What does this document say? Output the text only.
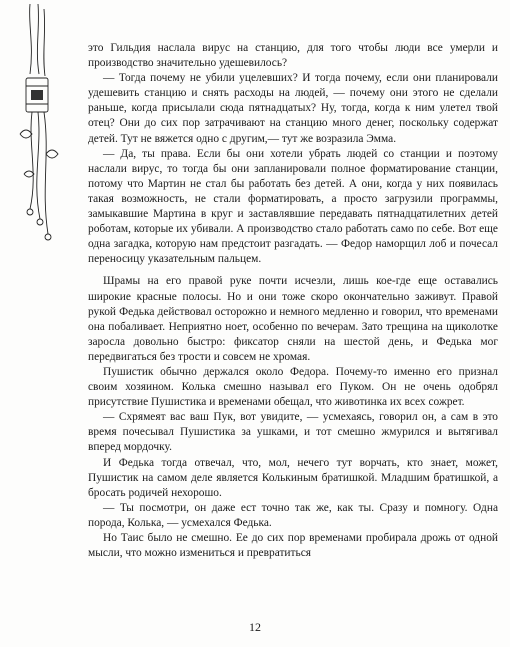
это Гильдия наслала вирус на станцию, для того чтобы люди все умерли и производство значительно удешевилось?

— Тогда почему не убили уцелевших? И тогда почему, если они планировали удешевить станцию и снять расходы на людей, — почему они этого не сделали раньше, когда присылали сюда пятнадцатых? Ну, тогда, когда к ним улетел твой отец? Они до сих пор затрачивают на станцию много денег, поскольку содержат детей. Тут не вяжется одно с другим,— тут же возразила Эмма.

— Да, ты права. Если бы они хотели убрать людей со станции и поэтому наслали вирус, то тогда бы они запланировали полное форматирование станции, потому что Мартин не стал бы работать без детей. А они, когда у них появилась такая возможность, не стали форматировать, а просто загрузили программы, замыкавшие Мартина в круг и заставлявшие передавать пятнадцатилетних детей роботам, которые их убивали. А производство стало работать само по себе. Вот еще одна загадка, которую нам предстоит разгадать. — Федор наморщил лоб и почесал переносицу указательным пальцем.

Шрамы на его правой руке почти исчезли, лишь кое-где еще оставались широкие красные полосы. Но и они тоже скоро окончательно заживут. Правой рукой Федька действовал осторожно и немного медленно и говорил, что временами она побаливает. Неприятно ноет, особенно по вечерам. Зато трещина на щиколотке заросла довольно быстро: фиксатор сняли на шестой день, и Федька мог передвигаться без трости и совсем не хромая.

Пушистик обычно держался около Федора. Почему-то именно его признал своим хозяином. Колька смешно называл его Пуком. Он не очень одобрял присутствие Пушистика и временами обещал, что животинка их всех сожрет.

— Схрямеят вас ваш Пук, вот увидите, — усмехаясь, говорил он, а сам в это время почесывал Пушистика за ушками, и тот смешно жмурился и вытягивал вперед мордочку.

И Федька тогда отвечал, что, мол, нечего тут ворчать, кто знает, может, Пушистик на самом деле является Колькиным братишкой. Младшим братишкой, а бросать родичей нехорошо.

— Ты посмотри, он даже ест точно так же, как ты. Сразу и помногу. Одна порода, Колька, — усмехался Федька.

Но Таис было не смешно. Ее до сих пор временами пробирала дрожь от одной мысли, что можно измениться и превратиться

12
